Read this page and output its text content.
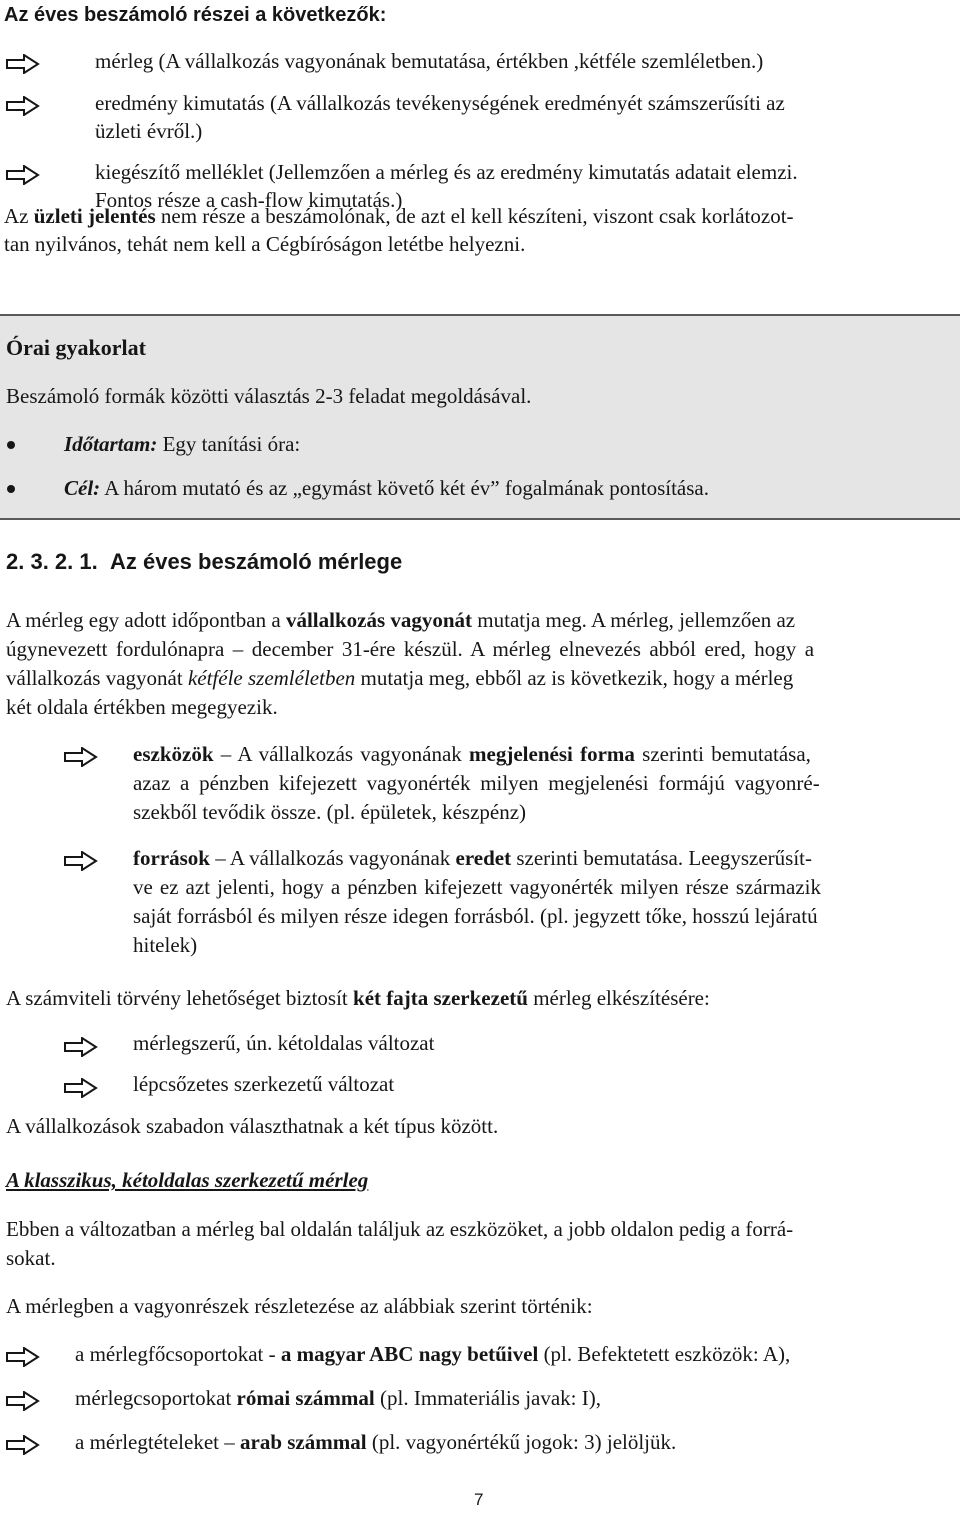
Az éves beszámoló részei a következők:
mérleg (A vállalkozás vagyonának bemutatása, értékben ,kétféle szemléletben.)
eredmény kimutatás (A vállalkozás tevékenységének eredményét számszerűsíti az
üzleti évről.)
kiegészítő melléklet (Jellemzően a mérleg és az eredmény kimutatás adatait elemzi.
Fontos része a cash-flow kimutatás.)
Az üzleti jelentés nem része a beszámolónak, de azt el kell készíteni, viszont csak korlátozot-
tan nyilvános, tehát nem kell a Cégbíróságon letétbe helyezni.
Órai gyakorlat
Beszámoló formák közötti választás 2-3 feladat megoldásával.
Időtartam: Egy tanítási óra:
Cél: A három mutató és az „egymást követő két év” fogalmának pontosítása.
2. 3. 2. 1. Az éves beszámoló mérlege
A mérleg egy adott időpontban a vállalkozás vagyonát mutatja meg. A mérleg, jellemzően az
úgynevezett fordulónapra – december 31-ére készül. A mérleg elnevezés abból ered, hogy a
vállalkozás vagyonát kétféle szemléletben mutatja meg, ebből az is következik, hogy a mérleg
két oldala értékben megegyezik.
eszközök – A vállalkozás vagyonának megjelenési forma szerinti bemutatása,
azaz a pénzben kifejezett vagyonérték milyen megjelenési formájú vagyonré-
szekből tevődik össze. (pl. épületek, készpénz)
források – A vállalkozás vagyonának eredet szerinti bemutatása. Leegyszerűsít-
ve ez azt jelenti, hogy a pénzben kifejezett vagyonérték milyen része származik
saját forrásból és milyen része idegen forrásból. (pl. jegyzett tőke, hosszú lejáratú
hitelek)
A számviteli törvény lehetőséget biztosít két fajta szerkezetű mérleg elkészítésére:
mérlegszerű, ún. kétoldalas változat
lépcsőzetes szerkezetű változat
A vállalkozások szabadon választhatnak a két típus között.
A klasszikus, kétoldalas szerkezetű mérleg
Ebben a változatban a mérleg bal oldalán találjuk az eszközöket, a jobb oldalon pedig a forrá-
sokat.
A mérlegben a vagyonrészek részletezése az alábbiak szerint történik:
a mérlegfőcsoportokat - a magyar ABC nagy betűivel (pl. Befektetett eszközök: A),
mérlegcsoportokat római számmal (pl. Immateriális javak: I),
a mérlegtételeket – arab számmal (pl. vagyonértékű jogok: 3) jelöljük.
7
